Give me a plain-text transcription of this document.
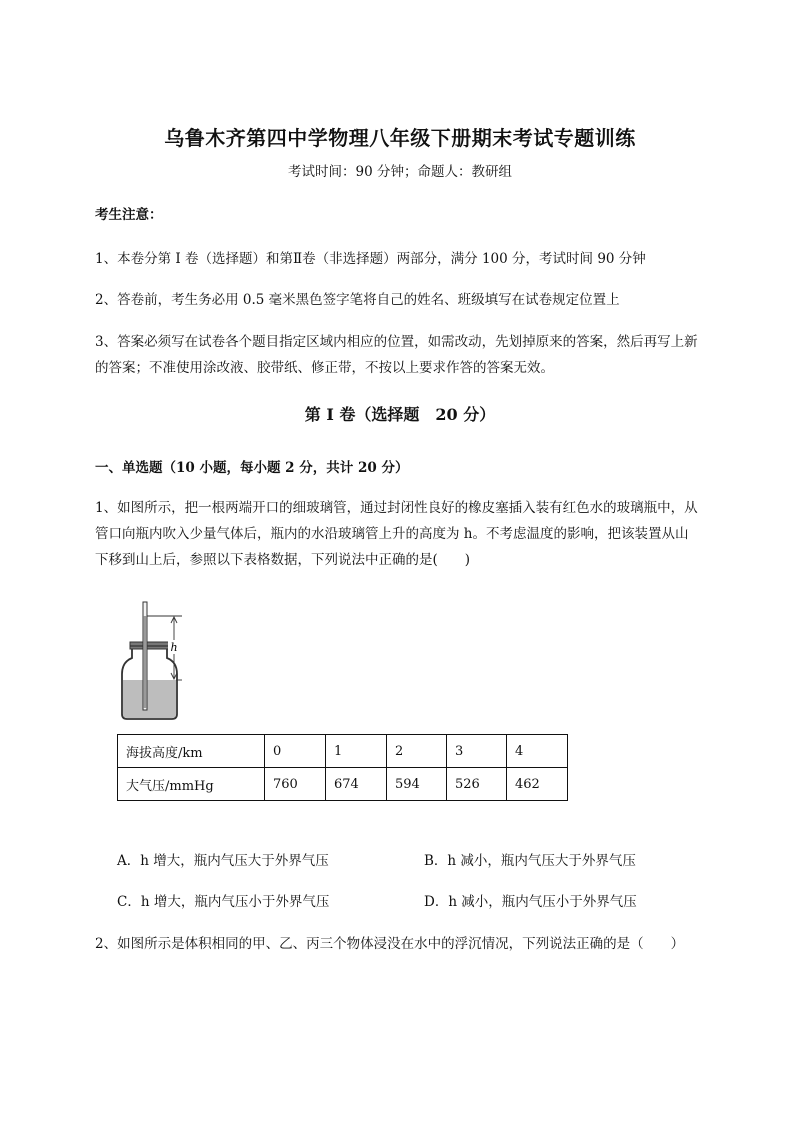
乌鲁木齐第四中学物理八年级下册期末考试专题训练
考试时间：90 分钟；命题人：教研组
考生注意：
1、本卷分第 I 卷（选择题）和第Ⅱ卷（非选择题）两部分，满分 100 分，考试时间 90 分钟
2、答卷前，考生务必用 0.5 毫米黑色签字笔将自己的姓名、班级填写在试卷规定位置上
3、答案必须写在试卷各个题目指定区域内相应的位置，如需改动，先划掉原来的答案，然后再写上新
的答案；不准使用涂改液、胶带纸、修正带，不按以上要求作答的答案无效。
第 I 卷（选择题　20 分）
一、单选题（10 小题，每小题 2 分，共计 20 分）
1、如图所示，把一根两端开口的细玻璃管，通过封闭性良好的橡皮塞插入装有红色水的玻璃瓶中，从
管口向瓶内吹入少量气体后，瓶内的水沿玻璃管上升的高度为 h。不考虑温度的影响，把该装置从山
下移到山上后，参照以下表格数据，下列说法中正确的是(　　)
h
海拔高度/km	0	1	2	3	4
大气压/mmHg	760	674	594	526	462
A．h 增大，瓶内气压大于外界气压	B．h 减小，瓶内气压大于外界气压
C．h 增大，瓶内气压小于外界气压	D．h 减小，瓶内气压小于外界气压
2、如图所示是体积相同的甲、乙、丙三个物体浸没在水中的浮沉情况，下列说法正确的是（　　）
